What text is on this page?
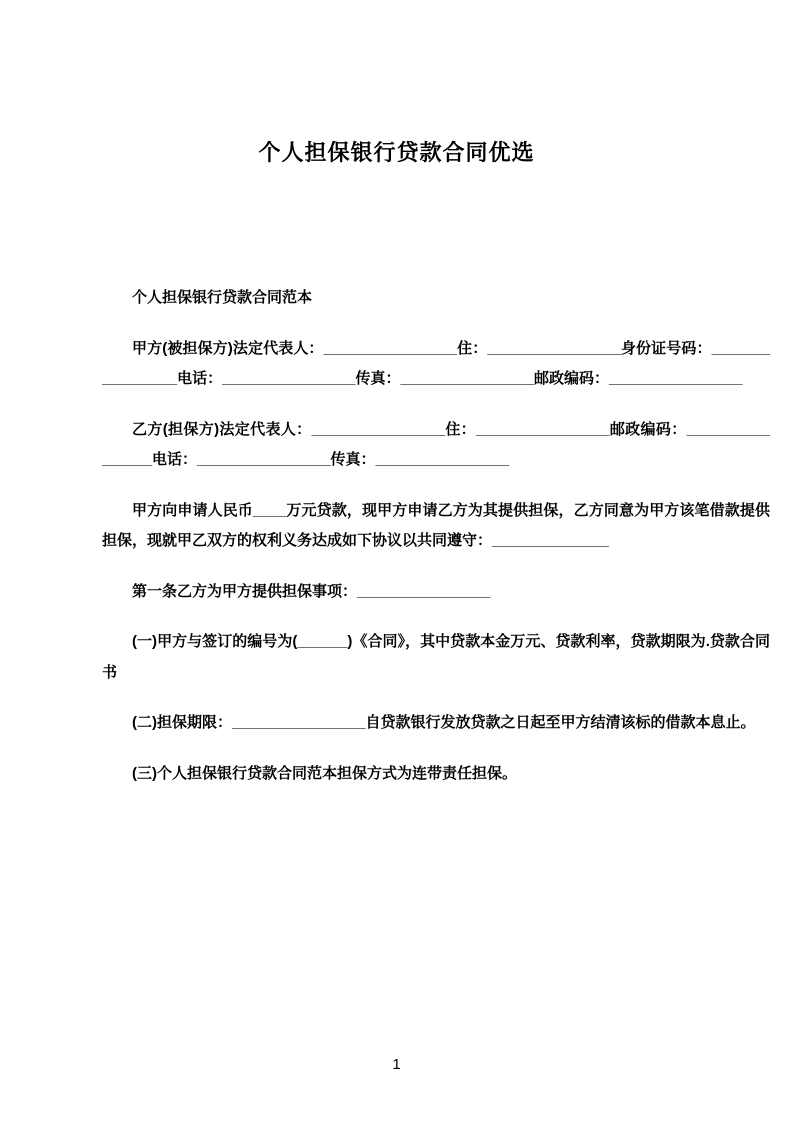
个人担保银行贷款合同优选

个人担保银行贷款合同范本

甲方(被担保方)法定代表人：________________住：________________身份证号码：________________电话：________________传真：________________邮政编码：________________

乙方(担保方)法定代表人：________________住：________________邮政编码：________________电话：________________传真：________________

甲方向申请人民币____万元贷款，现甲方申请乙方为其提供担保，乙方同意为甲方该笔借款提供担保，现就甲乙双方的权利义务达成如下协议以共同遵守：______________

第一条乙方为甲方提供担保事项：________________

(一)甲方与签订的编号为(______)《合同》，其中贷款本金万元、贷款利率，贷款期限为.贷款合同书

(二)担保期限：________________自贷款银行发放贷款之日起至甲方结清该标的借款本息止。

(三)个人担保银行贷款合同范本担保方式为连带责任担保。

1
